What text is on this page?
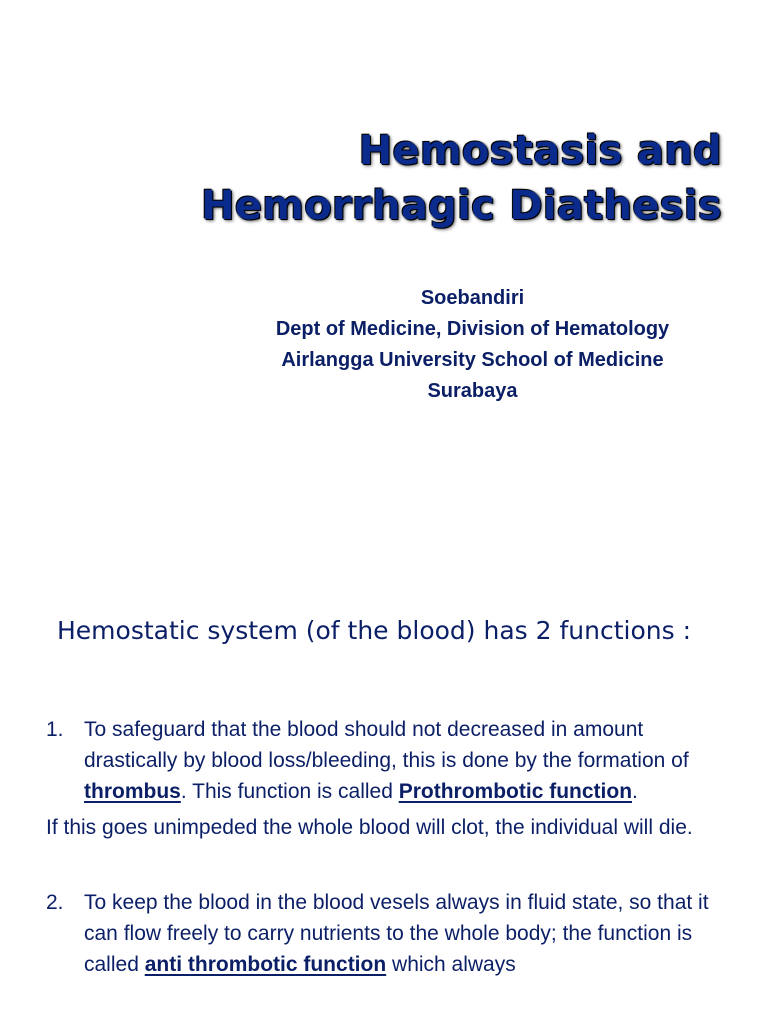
Hemostasis and
Hemorrhagic Diathesis
Soebandiri
Dept of Medicine, Division of Hematology
Airlangga University School of Medicine
Surabaya
Hemostatic system (of the blood) has 2 functions :
1. To safeguard that the blood should not decreased in amount drastically by blood loss/bleeding, this is done by the formation of thrombus. This function is called Prothrombotic function.
If this goes unimpeded the whole blood will clot, the individual will die.
2. To keep the blood in the blood vesels always in fluid state, so that it can flow freely to carry nutrients to the whole body; the function is called anti thrombotic function which always
